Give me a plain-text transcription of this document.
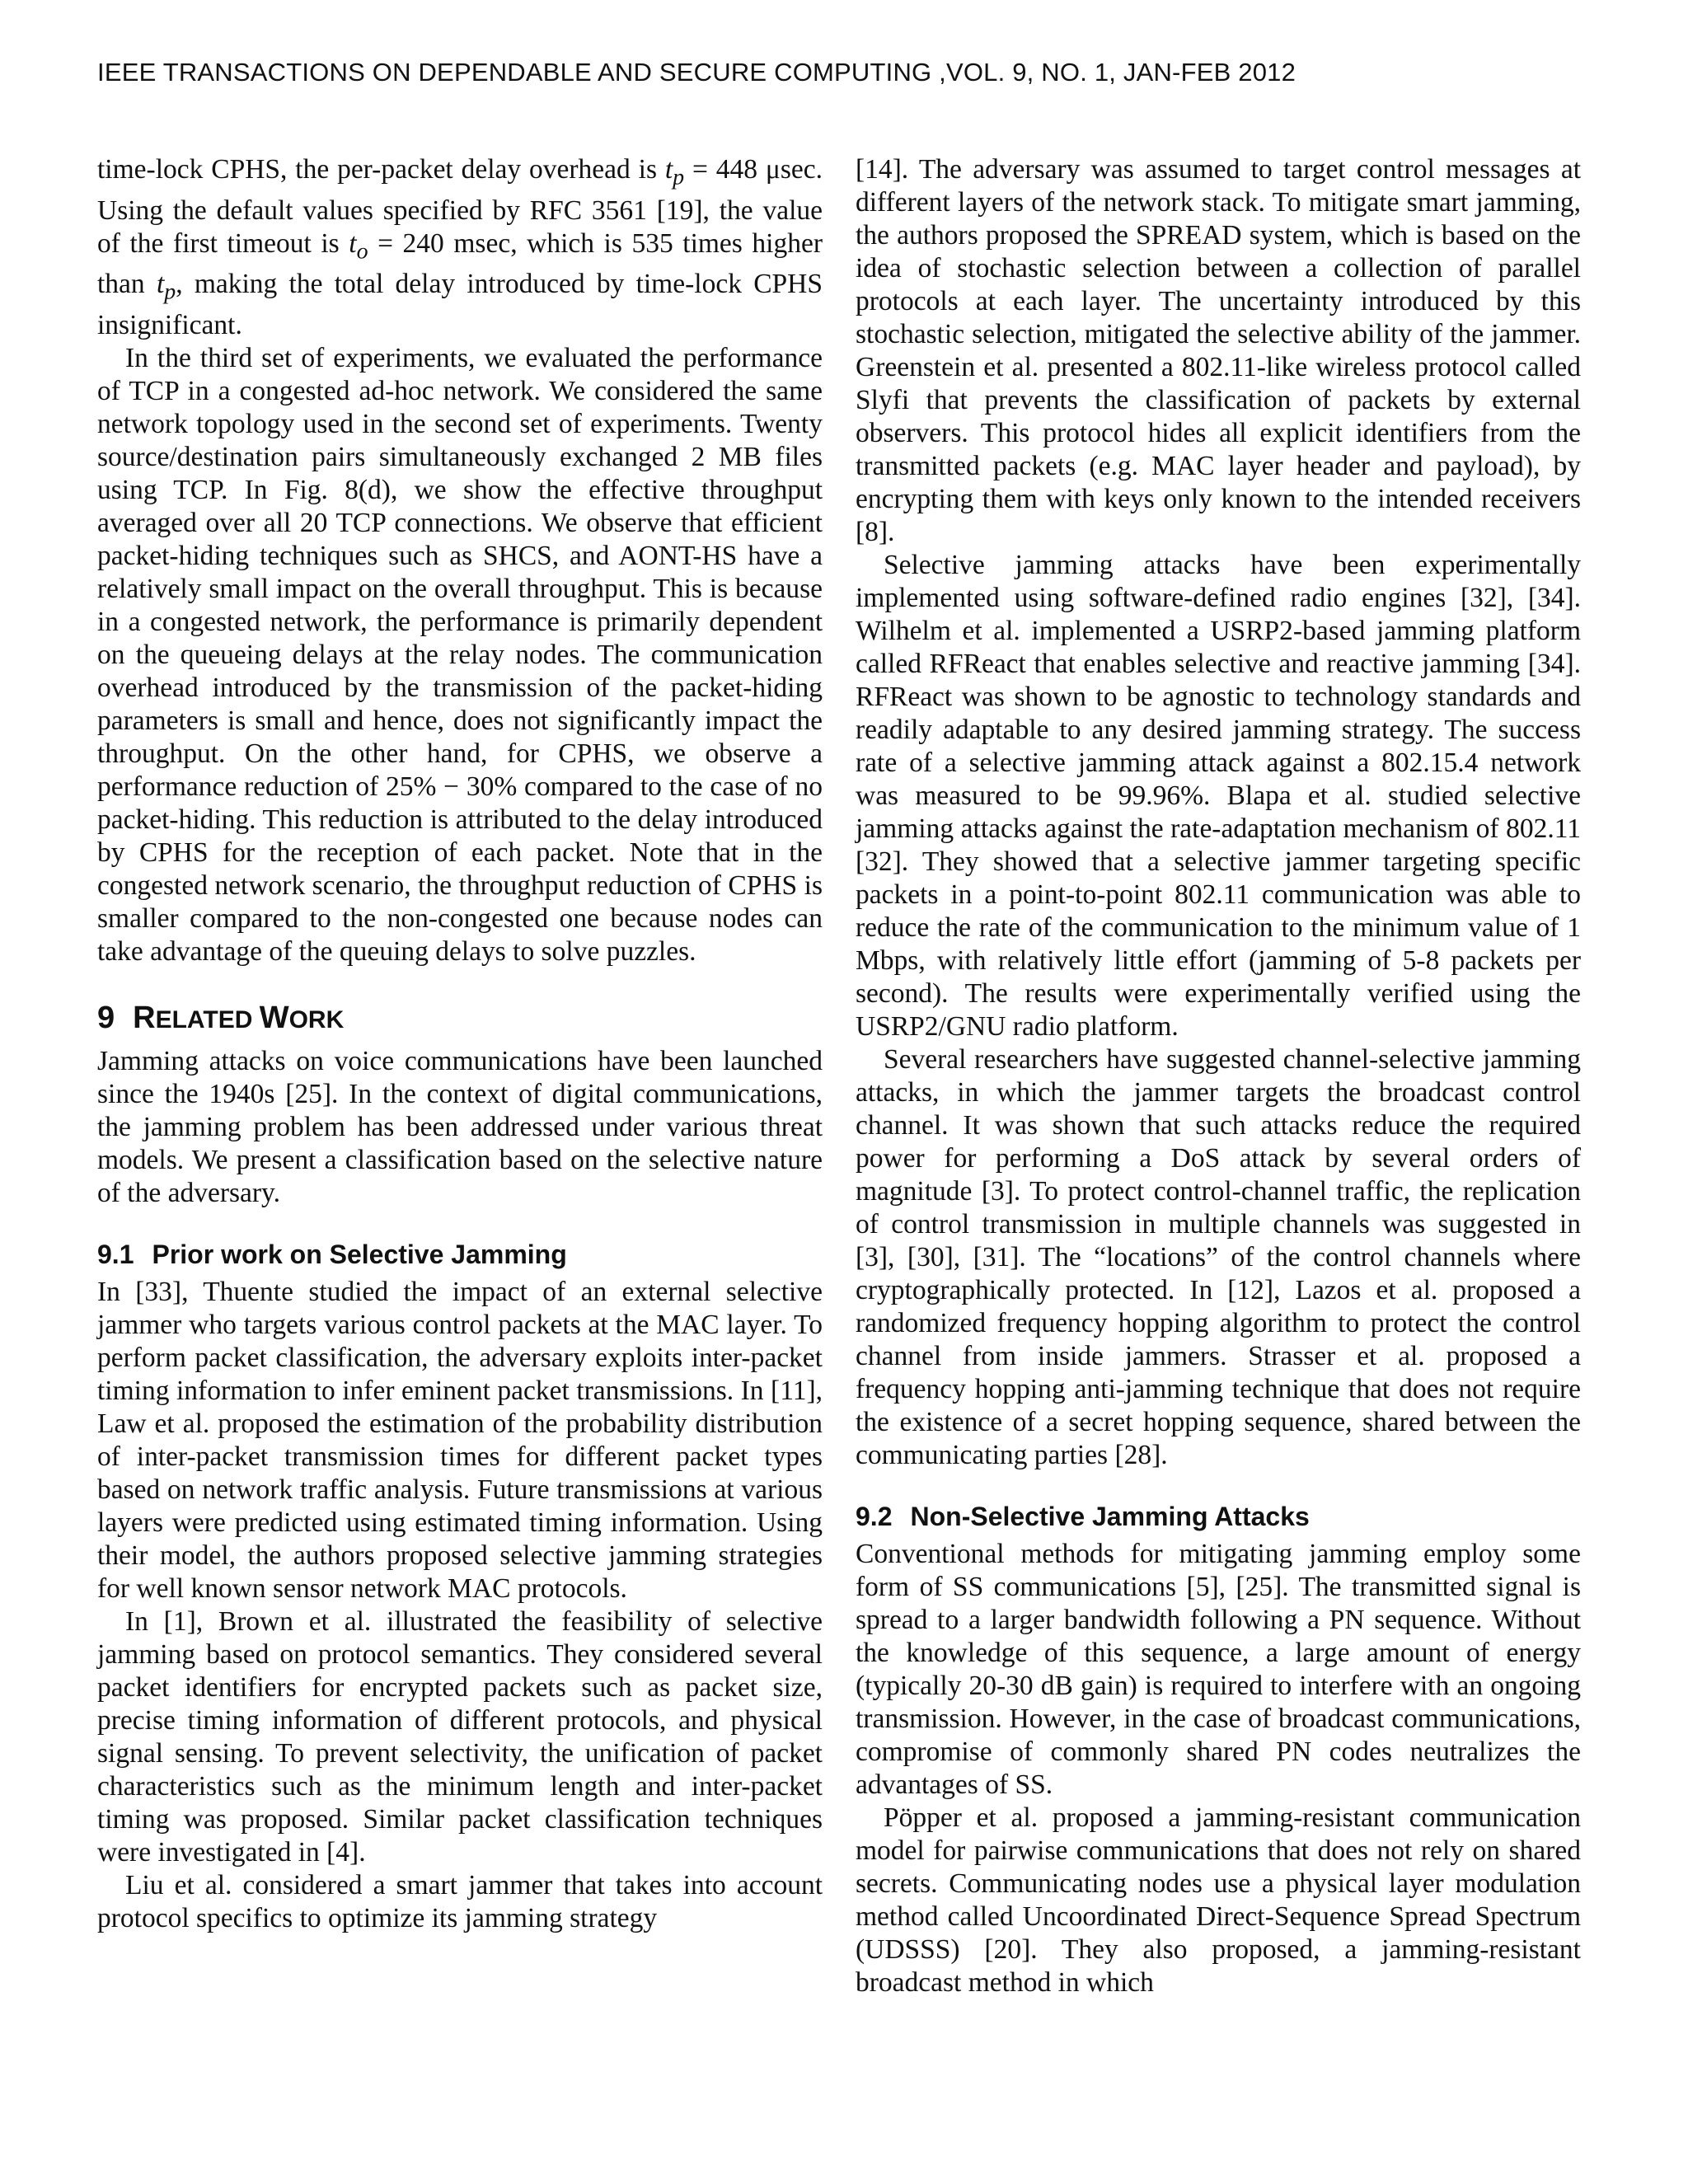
IEEE TRANSACTIONS ON DEPENDABLE AND SECURE COMPUTING ,VOL. 9, NO. 1, JAN-FEB 2012

time-lock CPHS, the per-packet delay overhead is $t_p = 448$ μsec. Using the default values specified by RFC 3561 [19], the value of the first timeout is $t_o = 240$ msec, which is 535 times higher than $t_p$, making the total delay introduced by time-lock CPHS insignificant.

In the third set of experiments, we evaluated the performance of TCP in a congested ad-hoc network. We considered the same network topology used in the second set of experiments. Twenty source/destination pairs simultaneously exchanged 2 MB files using TCP. In Fig. 8(d), we show the effective throughput averaged over all 20 TCP connections. We observe that efficient packet-hiding techniques such as SHCS, and AONT-HS have a relatively small impact on the overall throughput. This is because in a congested network, the performance is primarily dependent on the queueing delays at the relay nodes. The communication overhead introduced by the transmission of the packet-hiding parameters is small and hence, does not significantly impact the throughput. On the other hand, for CPHS, we observe a performance reduction of 25% − 30% compared to the case of no packet-hiding. This reduction is attributed to the delay introduced by CPHS for the reception of each packet. Note that in the congested network scenario, the throughput reduction of CPHS is smaller compared to the non-congested one because nodes can take advantage of the queuing delays to solve puzzles.

9 RELATED WORK

Jamming attacks on voice communications have been launched since the 1940s [25]. In the context of digital communications, the jamming problem has been addressed under various threat models. We present a classification based on the selective nature of the adversary.

9.1 Prior work on Selective Jamming

In [33], Thuente studied the impact of an external selective jammer who targets various control packets at the MAC layer. To perform packet classification, the adversary exploits inter-packet timing information to infer eminent packet transmissions. In [11], Law et al. proposed the estimation of the probability distribution of inter-packet transmission times for different packet types based on network traffic analysis. Future transmissions at various layers were predicted using estimated timing information. Using their model, the authors proposed selective jamming strategies for well known sensor network MAC protocols.

In [1], Brown et al. illustrated the feasibility of selective jamming based on protocol semantics. They considered several packet identifiers for encrypted packets such as packet size, precise timing information of different protocols, and physical signal sensing. To prevent selectivity, the unification of packet characteristics such as the minimum length and inter-packet timing was proposed. Similar packet classification techniques were investigated in [4].

Liu et al. considered a smart jammer that takes into account protocol specifics to optimize its jamming strategy

[14]. The adversary was assumed to target control messages at different layers of the network stack. To mitigate smart jamming, the authors proposed the SPREAD system, which is based on the idea of stochastic selection between a collection of parallel protocols at each layer. The uncertainty introduced by this stochastic selection, mitigated the selective ability of the jammer. Greenstein et al. presented a 802.11-like wireless protocol called Slyfi that prevents the classification of packets by external observers. This protocol hides all explicit identifiers from the transmitted packets (e.g. MAC layer header and payload), by encrypting them with keys only known to the intended receivers [8].

Selective jamming attacks have been experimentally implemented using software-defined radio engines [32], [34]. Wilhelm et al. implemented a USRP2-based jamming platform called RFReact that enables selective and reactive jamming [34]. RFReact was shown to be agnostic to technology standards and readily adaptable to any desired jamming strategy. The success rate of a selective jamming attack against a 802.15.4 network was measured to be 99.96%. Blapa et al. studied selective jamming attacks against the rate-adaptation mechanism of 802.11 [32]. They showed that a selective jammer targeting specific packets in a point-to-point 802.11 communication was able to reduce the rate of the communication to the minimum value of 1 Mbps, with relatively little effort (jamming of 5-8 packets per second). The results were experimentally verified using the USRP2/GNU radio platform.

Several researchers have suggested channel-selective jamming attacks, in which the jammer targets the broadcast control channel. It was shown that such attacks reduce the required power for performing a DoS attack by several orders of magnitude [3]. To protect control-channel traffic, the replication of control transmission in multiple channels was suggested in [3], [30], [31]. The “locations” of the control channels where cryptographically protected. In [12], Lazos et al. proposed a randomized frequency hopping algorithm to protect the control channel from inside jammers. Strasser et al. proposed a frequency hopping anti-jamming technique that does not require the existence of a secret hopping sequence, shared between the communicating parties [28].

9.2 Non-Selective Jamming Attacks

Conventional methods for mitigating jamming employ some form of SS communications [5], [25]. The transmitted signal is spread to a larger bandwidth following a PN sequence. Without the knowledge of this sequence, a large amount of energy (typically 20-30 dB gain) is required to interfere with an ongoing transmission. However, in the case of broadcast communications, compromise of commonly shared PN codes neutralizes the advantages of SS.

Pöpper et al. proposed a jamming-resistant communication model for pairwise communications that does not rely on shared secrets. Communicating nodes use a physical layer modulation method called Uncoordinated Direct-Sequence Spread Spectrum (UDSSS) [20]. They also proposed, a jamming-resistant broadcast method in which
